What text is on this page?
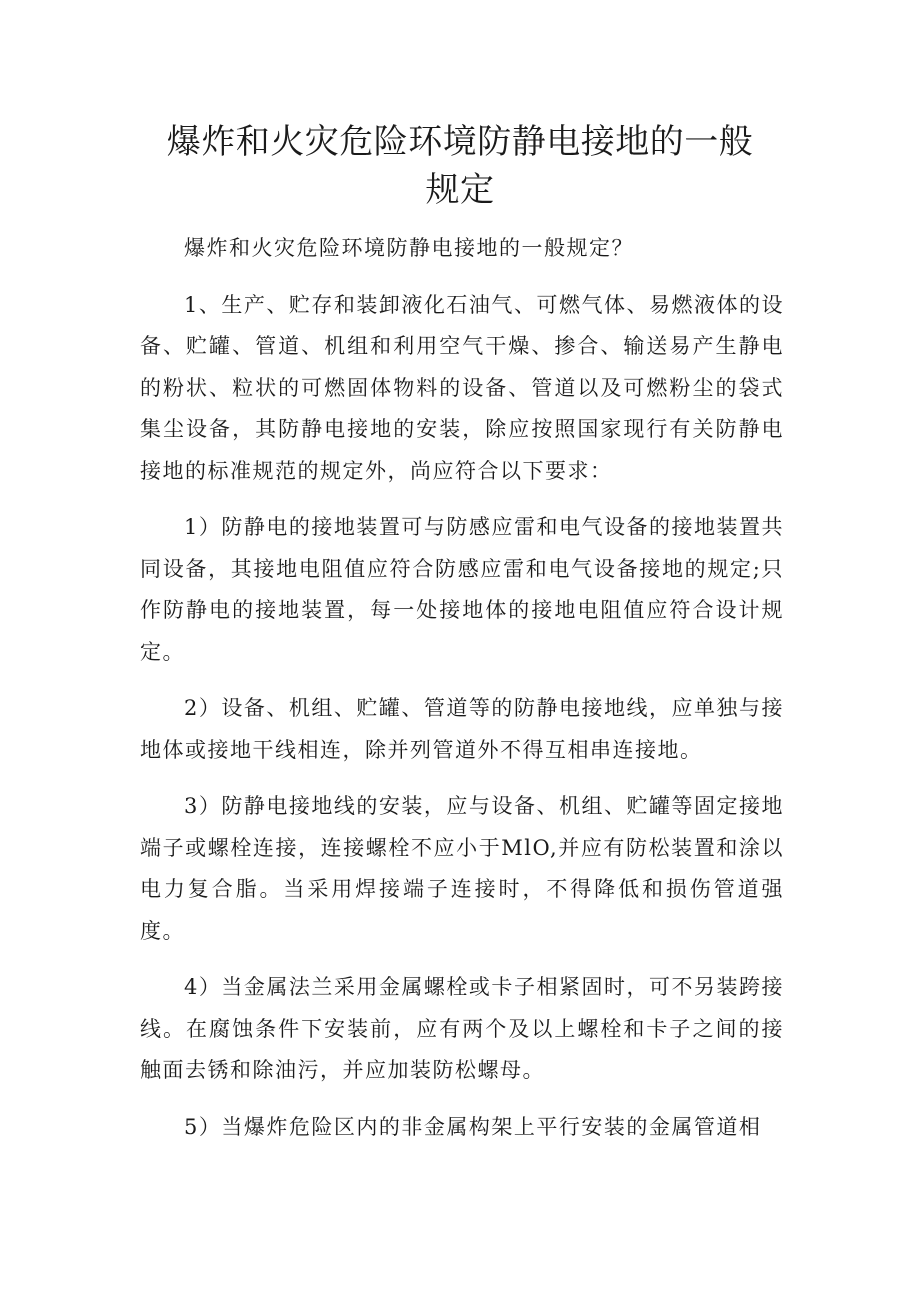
爆炸和火灾危险环境防静电接地的一般规定

爆炸和火灾危险环境防静电接地的一般规定？

1、生产、贮存和装卸液化石油气、可燃气体、易燃液体的设备、贮罐、管道、机组和利用空气干燥、掺合、输送易产生静电的粉状、粒状的可燃固体物料的设备、管道以及可燃粉尘的袋式集尘设备，其防静电接地的安装，除应按照国家现行有关防静电接地的标准规范的规定外，尚应符合以下要求：

1）防静电的接地装置可与防感应雷和电气设备的接地装置共同设备，其接地电阻值应符合防感应雷和电气设备接地的规定;只作防静电的接地装置，每一处接地体的接地电阻值应符合设计规定。

2）设备、机组、贮罐、管道等的防静电接地线，应单独与接地体或接地干线相连，除并列管道外不得互相串连接地。

3）防静电接地线的安装，应与设备、机组、贮罐等固定接地端子或螺栓连接，连接螺栓不应小于MlO,并应有防松装置和涂以电力复合脂。当采用焊接端子连接时，不得降低和损伤管道强度。

4）当金属法兰采用金属螺栓或卡子相紧固时，可不另装跨接线。在腐蚀条件下安装前，应有两个及以上螺栓和卡子之间的接触面去锈和除油污，并应加装防松螺母。

5）当爆炸危险区内的非金属构架上平行安装的金属管道相
